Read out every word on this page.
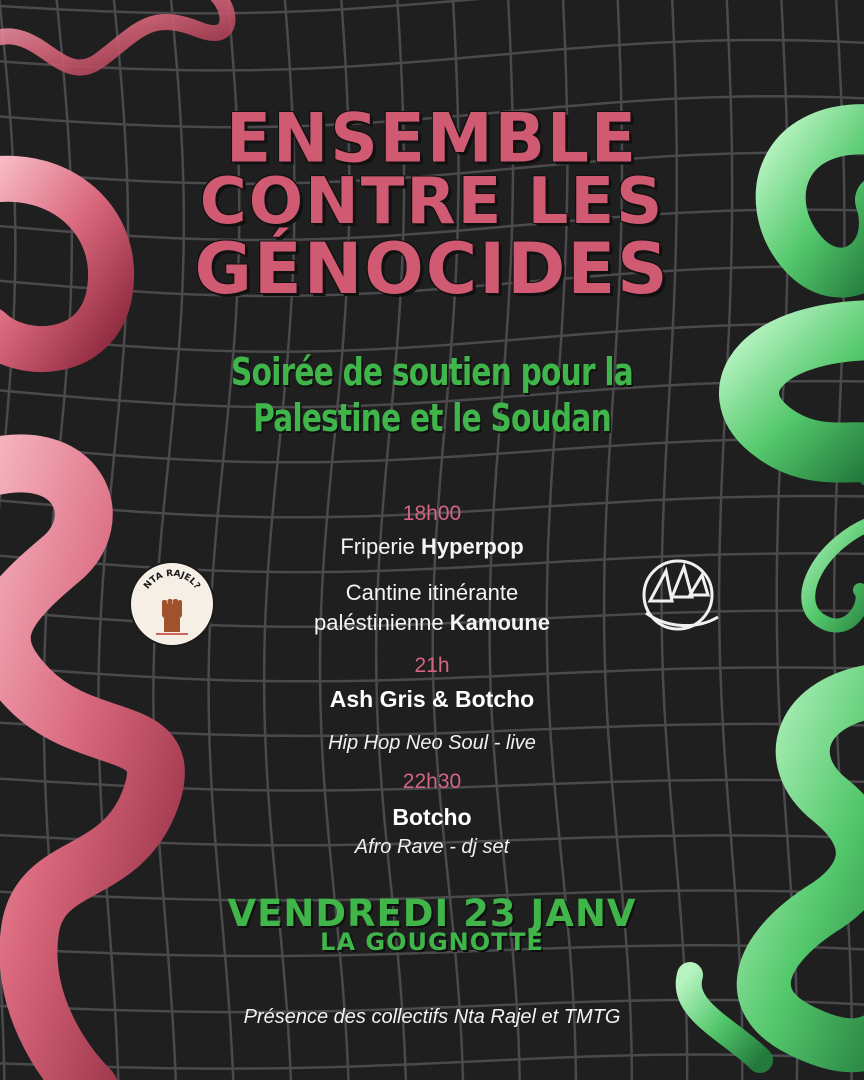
ENSEMBLE
CONTRE LES
GÉNOCIDES
Soirée de soutien pour la
Palestine et le Soudan
18h00
Friperie Hyperpop
Cantine itinérante
paléstinienne Kamoune
21h
Ash Gris & Botcho
Hip Hop Neo Soul - live
22h30
Botcho
Afro Rave - dj set
VENDREDI 23 JANV
LA GOUGNOTTE
Présence des collectifs Nta Rajel et TMTG
NTA RAJEL?
